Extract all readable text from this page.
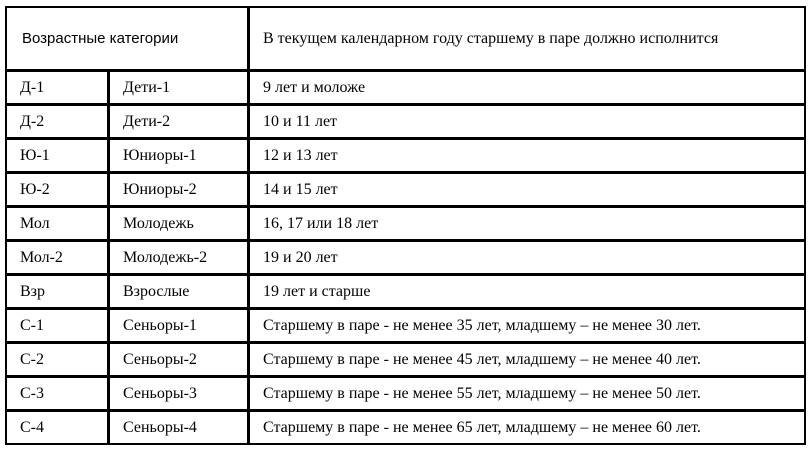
Возрастные категории		В текущем календарном году старшему в паре должно исполнится
Д-1	Дети-1	9 лет и моложе
Д-2	Дети-2	10 и 11 лет
Ю-1	Юниоры-1	12 и 13 лет
Ю-2	Юниоры-2	14 и 15 лет
Мол	Молодежь	16, 17 или 18 лет
Мол-2	Молодежь-2	19 и 20 лет
Взр	Взрослые	19 лет и старше
С-1	Сеньоры-1	Старшему в паре - не менее 35 лет, младшему – не менее 30 лет.
С-2	Сеньоры-2	Старшему в паре - не менее 45 лет, младшему – не менее 40 лет.
С-3	Сеньоры-3	Старшему в паре - не менее 55 лет, младшему – не менее 50 лет.
С-4	Сеньоры-4	Старшему в паре - не менее 65 лет, младшему – не менее 60 лет.
